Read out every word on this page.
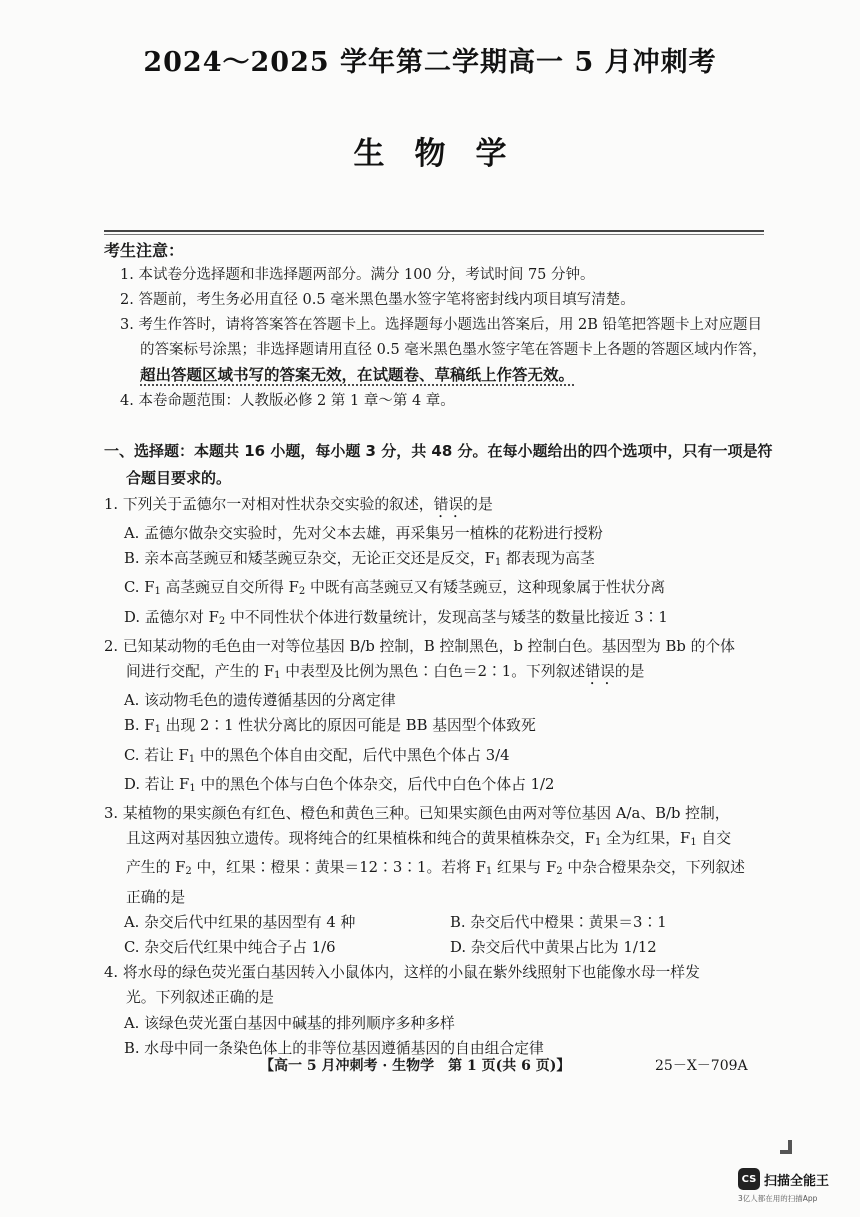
2024～2025 学年第二学期高一 5 月冲刺考
生物学
考生注意：
1. 本试卷分选择题和非选择题两部分。满分 100 分，考试时间 75 分钟。
2. 答题前，考生务必用直径 0.5 毫米黑色墨水签字笔将密封线内项目填写清楚。
3. 考生作答时，请将答案答在答题卡上。选择题每小题选出答案后，用 2B 铅笔把答题卡上对应题目的答案标号涂黑；非选择题请用直径 0.5 毫米黑色墨水签字笔在答题卡上各题的答题区域内作答，超出答题区域书写的答案无效，在试题卷、草稿纸上作答无效。
4. 本卷命题范围：人教版必修 2 第 1 章～第 4 章。
一、选择题：本题共 16 小题，每小题 3 分，共 48 分。在每小题给出的四个选项中，只有一项是符
合题目要求的。
1. 下列关于孟德尔一对相对性状杂交实验的叙述，错误的是
A. 孟德尔做杂交实验时，先对父本去雄，再采集另一植株的花粉进行授粉
B. 亲本高茎豌豆和矮茎豌豆杂交，无论正交还是反交，$F_1$ 都表现为高茎
C. $F_1$ 高茎豌豆自交所得 $F_2$ 中既有高茎豌豆又有矮茎豌豆，这种现象属于性状分离
D. 孟德尔对 $F_2$ 中不同性状个体进行数量统计，发现高茎与矮茎的数量比接近 3∶1
2. 已知某动物的毛色由一对等位基因 B/b 控制，B 控制黑色，b 控制白色。基因型为 Bb 的个体
间进行交配，产生的 $F_1$ 中表型及比例为黑色∶白色＝2∶1。下列叙述错误的是
A. 该动物毛色的遗传遵循基因的分离定律
B. $F_1$ 出现 2∶1 性状分离比的原因可能是 BB 基因型个体致死
C. 若让 $F_1$ 中的黑色个体自由交配，后代中黑色个体占 3/4
D. 若让 $F_1$ 中的黑色个体与白色个体杂交，后代中白色个体占 1/2
3. 某植物的果实颜色有红色、橙色和黄色三种。已知果实颜色由两对等位基因 A/a、B/b 控制，
且这两对基因独立遗传。现将纯合的红果植株和纯合的黄果植株杂交，$F_1$ 全为红果，$F_1$ 自交
产生的 $F_2$ 中，红果∶橙果∶黄果＝12∶3∶1。若将 $F_1$ 红果与 $F_2$ 中杂合橙果杂交，下列叙述
正确的是
A. 杂交后代中红果的基因型有 4 种	B. 杂交后代中橙果∶黄果＝3∶1
C. 杂交后代红果中纯合子占 1/6	D. 杂交后代中黄果占比为 1/12
4. 将水母的绿色荧光蛋白基因转入小鼠体内，这样的小鼠在紫外线照射下也能像水母一样发
光。下列叙述正确的是
A. 该绿色荧光蛋白基因中碱基的排列顺序多种多样
B. 水母中同一条染色体上的非等位基因遵循基因的自由组合定律
【高一 5 月冲刺考 · 生物学　第 1 页(共 6 页)】	25－X－709A
CS 扫描全能王
3亿人都在用的扫描App
